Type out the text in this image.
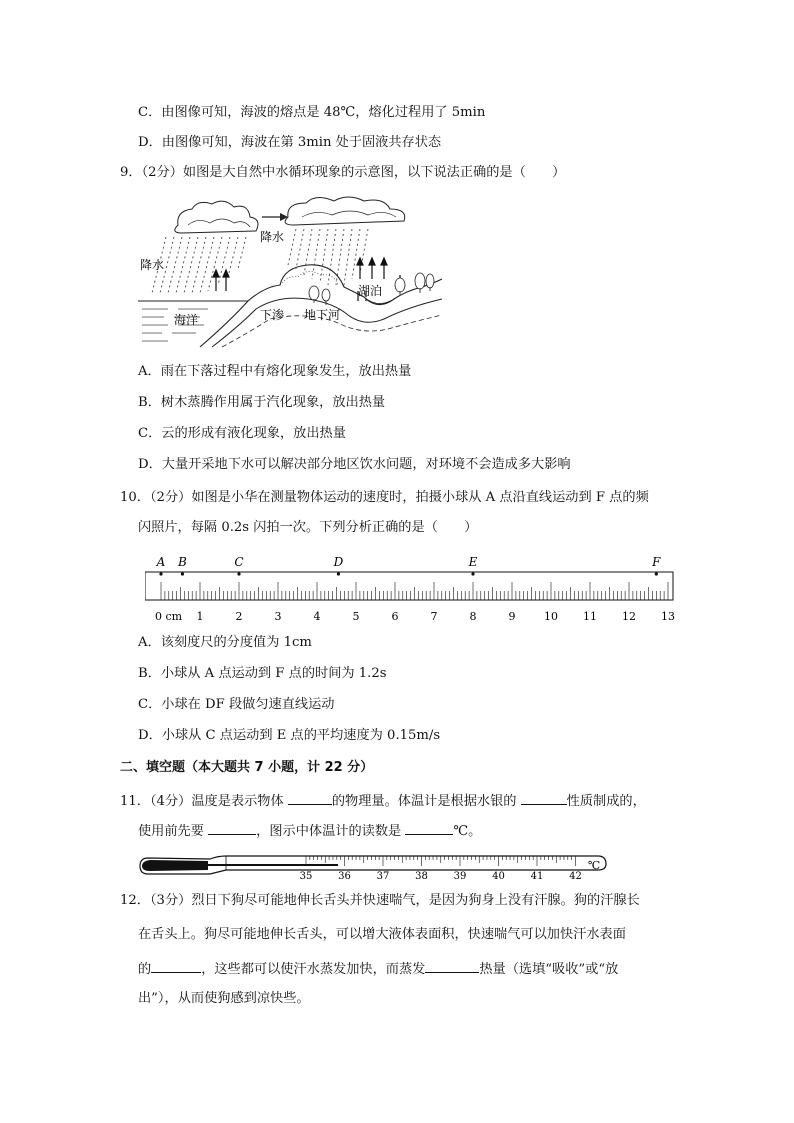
C．由图像可知，海波的熔点是 48℃，熔化过程用了 5min
D．由图像可知，海波在第 3min 处于固液共存状态
9．（2分）如图是大自然中水循环现象的示意图，以下说法正确的是（　　）
降水
降水
海洋	下渗 地下河
湖泊
A．雨在下落过程中有熔化现象发生，放出热量
B．树木蒸腾作用属于汽化现象，放出热量
C．云的形成有液化现象，放出热量
D．大量开采地下水可以解决部分地区饮水问题，对环境不会造成多大影响
10．（2分）如图是小华在测量物体运动的速度时，拍摄小球从 A 点沿直线运动到 F 点的频
闪照片，每隔 0.2s 闪拍一次。下列分析正确的是（　　）
0 cm 1	2	3	4	5	6	7	8	9	10 11 12 13
A B	C	D	E	F
A．该刻度尺的分度值为 1cm
B．小球从 A 点运动到 F 点的时间为 1.2s
C．小球在 DF 段做匀速直线运动
D．小球从 C 点运动到 E 点的平均速度为 0.15m/s
二、填空题（本大题共 7 小题，计 22 分）
11．（4分）温度是表示物体	的物理量。体温计是根据水银的	性质制成的，
使用前先要	，图示中体温计的读数是	℃。
35	36	37	38	39	40	41	42
℃
12．（3分）烈日下狗尽可能地伸长舌头并快速喘气，是因为狗身上没有汗腺。狗的汗腺长
在舌头上。狗尽可能地伸长舌头，可以增大液体表面积，快速喘气可以加快汗水表面
的	，这些都可以使汗水蒸发加快，而蒸发	热量（选填“吸收”或“放
出”），从而使狗感到凉快些。
